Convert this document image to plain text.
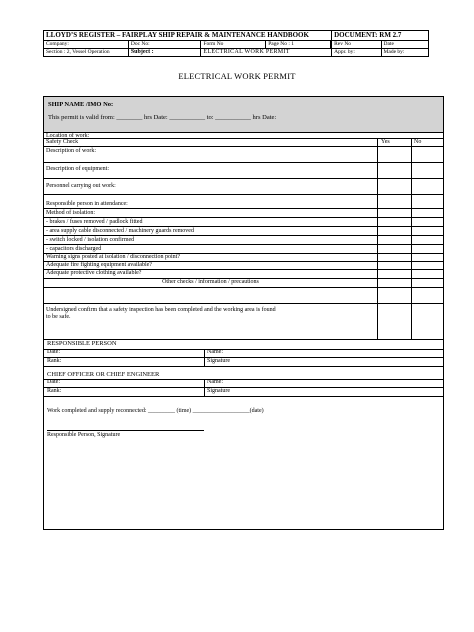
LLOYD’S REGISTER – FAIRPLAY SHIP REPAIR & MAINTENANCE HANDBOOK				DOCUMENT: RM 2.7	
Company:	Doc No:	Form No	Page No : 1		Rev No	Date
Section : 2, Vessel Operation	Subject :	ELECTRICAL WORK PERMIT		Appr. by:	Made by:
ELECTRICAL WORK PERMIT
SHIP NAME /IMO No:
This permit is valid from: ________ hrs Date: ___________ to: ___________ hrs Date:
Location of work:
Safety Check	Yes	No
Description of work:
Description of equipment:
Personnel carrying out work:
Responsible person in attendance:
Method of isolation:
- brakes / fuses removed / padlock fitted
- area supply cable disconnected / machinery guards removed
- switch locked / isolation confirmed
- capacitors discharged
Warning signs posted at isolation / disconnection point?
Adequate fire fighting equipment available?
Adequate protective clothing available?
Other checks / information / precautions
Undersigned confirm that a safety inspection has been completed and the working area is found
to be safe.
RESPONSIBLE PERSON
Date:	Name:
Rank:	Signature
CHIEF OFFICER OR CHIEF ENGINEER
Date:	Name:
Rank:	Signature
Work completed and supply reconnected: _________ (time) ___________________(date)
Responsible Person, Signature
